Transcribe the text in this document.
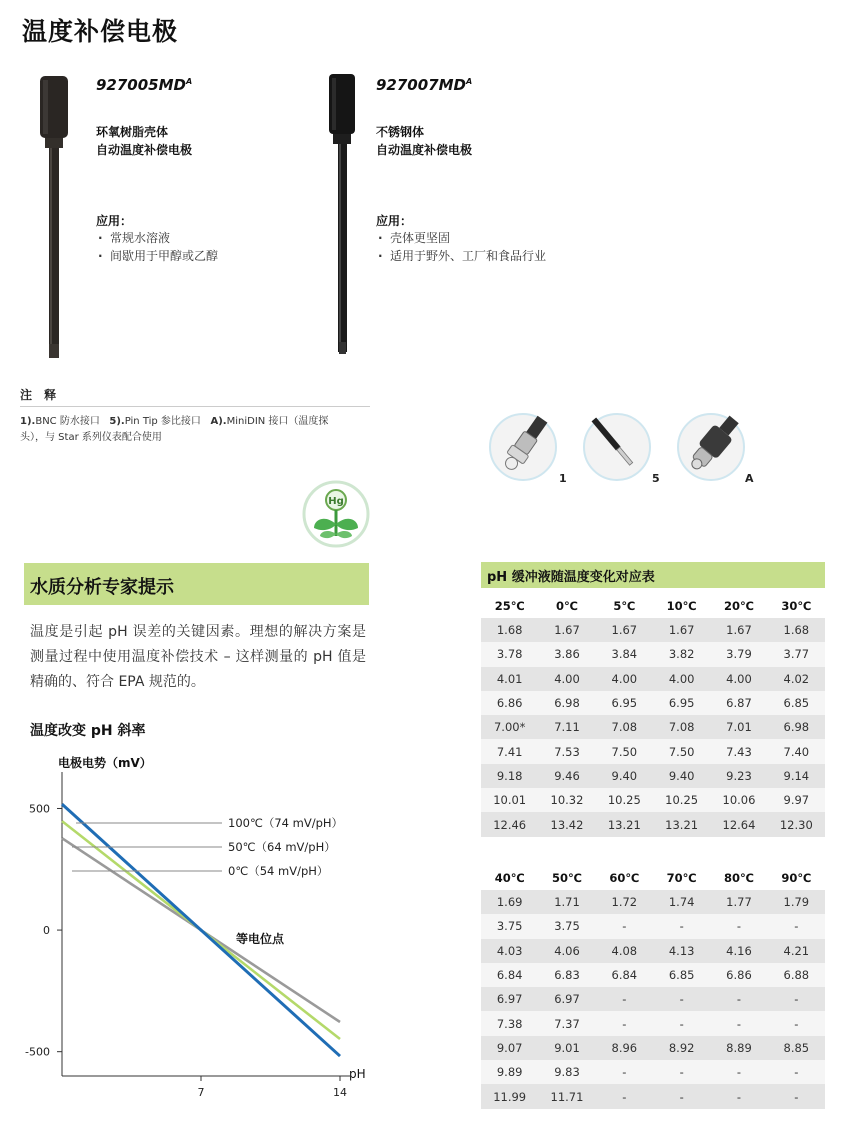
温度补偿电极
$927005MD^A$
环氧树脂壳体
自动温度补偿电极
应用：
· 常规水溶液
· 间歇用于甲醇或乙醇
$927007MD^A$
不锈钢体
自动温度补偿电极
应用：
· 壳体更坚固
· 适用于野外、工厂和食品行业
注 释
1).BNC 防水接口 5).Pin Tip 参比接口 A).MiniDIN 接口（温度探头），与 Star 系列仪表配合使用
1	5	A
Hg
水质分析专家提示
温度是引起 pH 误差的关键因素。理想的解决方案是测量过程中使用温度补偿技术 – 这样测量的 pH 值是精确的、符合 EPA 规范的。
温度改变 pH 斜率
电极电势（mV）
500
0
-500
7	14
100℃（74 mV/pH）
50℃（64 mV/pH）
0℃（54 mV/pH）
等电位点
pH
pH 缓冲液随温度变化对应表
25℃	0℃	5℃	10℃	20℃	30℃
1.68	1.67	1.67	1.67	1.67	1.68
3.78	3.86	3.84	3.82	3.79	3.77
4.01	4.00	4.00	4.00	4.00	4.02
6.86	6.98	6.95	6.95	6.87	6.85
7.00*	7.11	7.08	7.08	7.01	6.98
7.41	7.53	7.50	7.50	7.43	7.40
9.18	9.46	9.40	9.40	9.23	9.14
10.01	10.32	10.25	10.25	10.06	9.97
12.46	13.42	13.21	13.21	12.64	12.30
40℃	50℃	60℃	70℃	80℃	90℃
1.69	1.71	1.72	1.74	1.77	1.79
3.75	3.75	-	-	-	-
4.03	4.06	4.08	4.13	4.16	4.21
6.84	6.83	6.84	6.85	6.86	6.88
6.97	6.97	-	-	-	-
7.38	7.37	-	-	-	-
9.07	9.01	8.96	8.92	8.89	8.85
9.89	9.83	-	-	-	-
11.99	11.71	-	-	-	-
